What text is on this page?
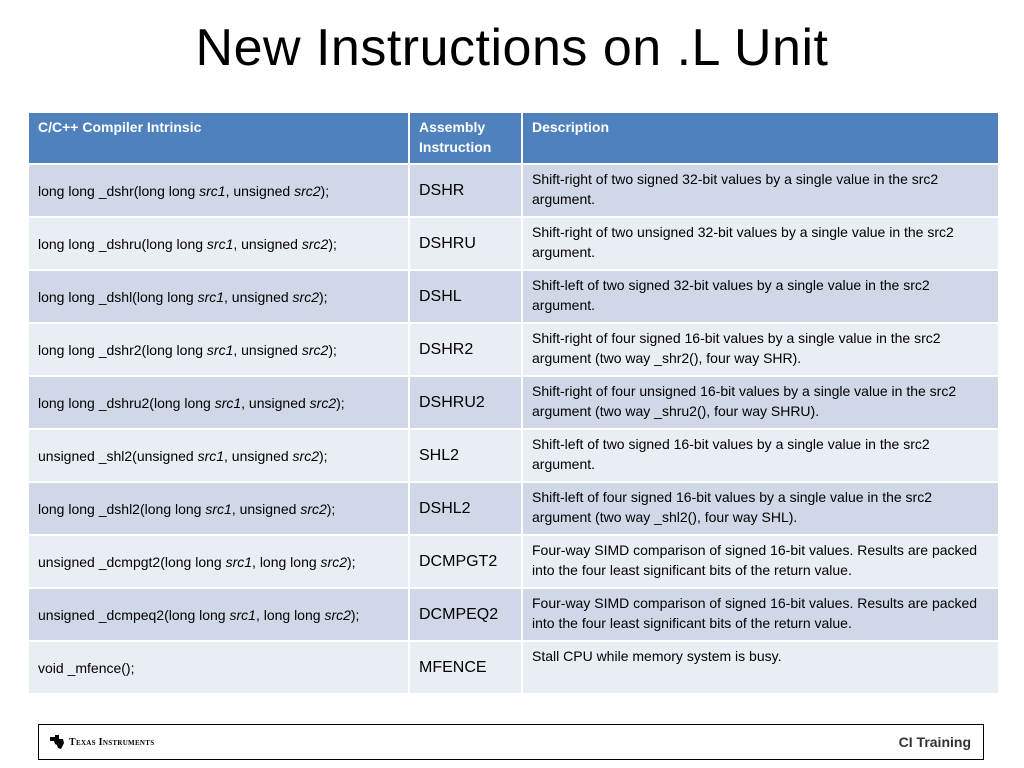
New Instructions on .L Unit
C/C++ Compiler Intrinsic	Assembly Instruction	Description
long long _dshr(long long src1, unsigned src2);	DSHR	Shift-right of two signed 32-bit values by a single value in the src2 argument.
long long _dshru(long long src1, unsigned src2);	DSHRU	Shift-right of two unsigned 32-bit values by a single value in the src2 argument.
long long _dshl(long long src1, unsigned src2);	DSHL	Shift-left of two signed 32-bit values by a single value in the src2 argument.
long long _dshr2(long long src1, unsigned src2);	DSHR2	Shift-right of four signed 16-bit values by a single value in the src2 argument (two way _shr2(), four way SHR).
long long _dshru2(long long src1, unsigned src2);	DSHRU2	Shift-right of four unsigned 16-bit values by a single value in the src2 argument (two way _shru2(), four way SHRU).
unsigned _shl2(unsigned src1, unsigned src2);	SHL2	Shift-left of two signed 16-bit values by a single value in the src2 argument.
long long _dshl2(long long src1, unsigned src2);	DSHL2	Shift-left of four signed 16-bit values by a single value in the src2 argument (two way _shl2(), four way SHL).
unsigned _dcmpgt2(long long src1, long long src2);	DCMPGT2	Four-way SIMD comparison of signed 16-bit values. Results are packed into the four least significant bits of the return value.
unsigned _dcmpeq2(long long src1, long long src2);	DCMPEQ2	Four-way SIMD comparison of signed 16-bit values. Results are packed into the four least significant bits of the return value.
void _mfence();	MFENCE	Stall CPU while memory system is busy.
Texas Instruments	CI Training
